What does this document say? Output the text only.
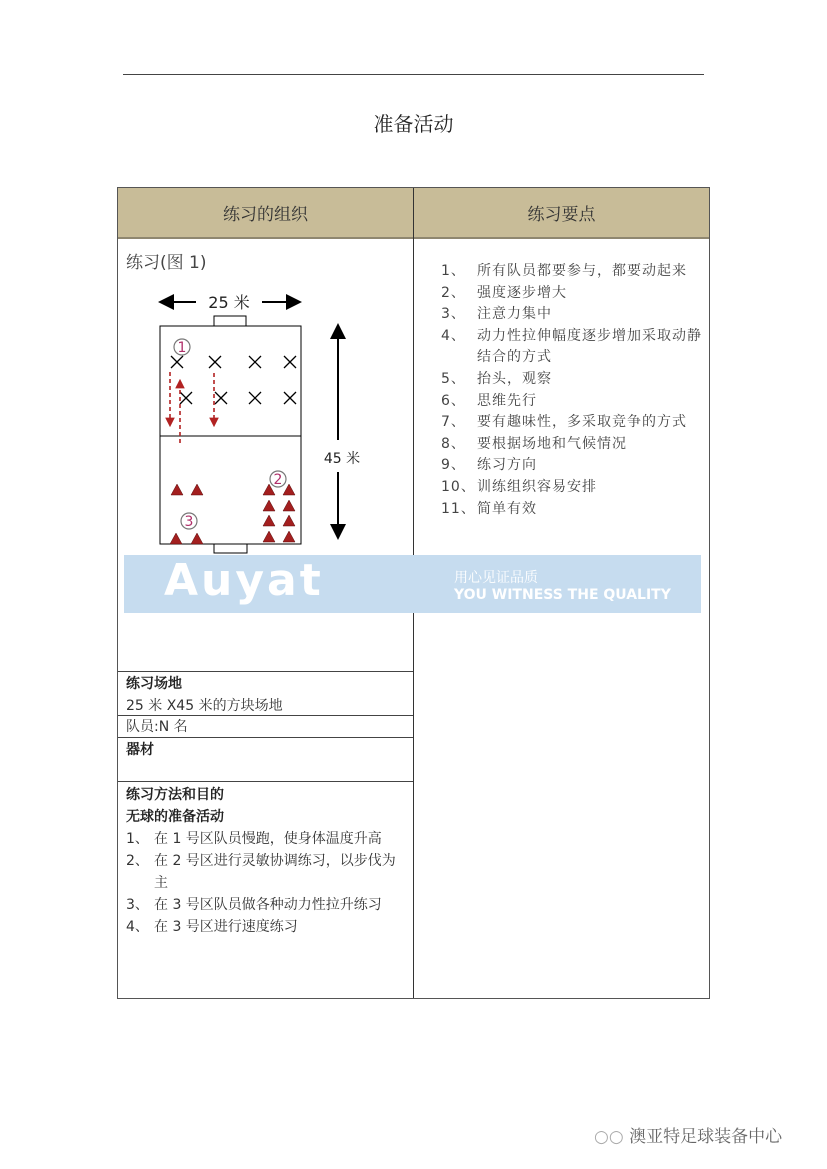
准备活动
练习的组织	练习要点
练习(图 1)
练习场地
25 米 X45 米的方块场地
队员:N 名
器材
练习方法和目的
无球的准备活动
1、 在 1 号区队员慢跑，使身体温度升高
2、 在 2 号区进行灵敏协调练习，以步伐为主
3、 在 3 号区队员做各种动力性拉升练习
4、 在 3 号区进行速度练习
1、 所有队员都要参与，都要动起来
2、 强度逐步增大
3、 注意力集中
4、 动力性拉伸幅度逐步增加采取动静结合的方式
5、 抬头，观察
6、 思维先行
7、 要有趣味性，多采取竞争的方式
8、 要根据场地和气候情况
9、 练习方向
10、 训练组织容易安排
11、 简单有效
25 米
45 米
1
2
3
Auyat	用心见证品质
YOU WITNESS THE QUALITY
○○ 澳亚特足球装备中心
